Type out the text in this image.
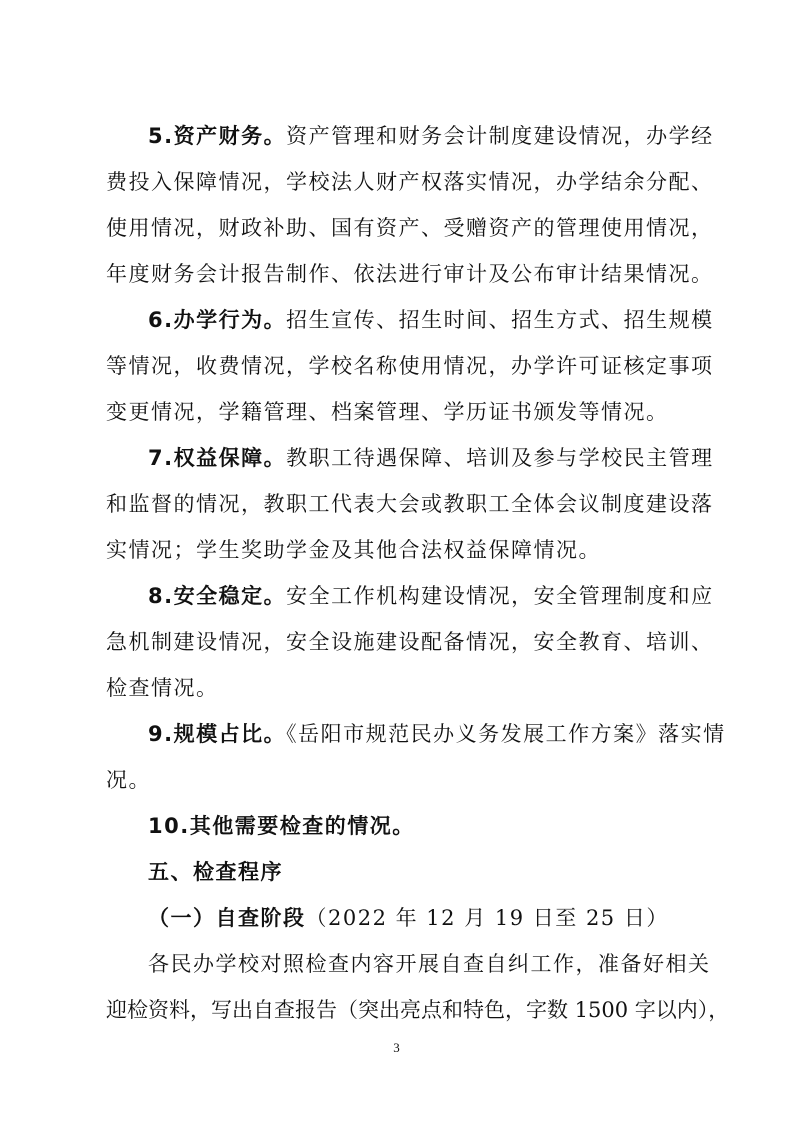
5.资产财务。资产管理和财务会计制度建设情况，办学经
费投入保障情况，学校法人财产权落实情况，办学结余分配、
使用情况，财政补助、国有资产、受赠资产的管理使用情况，
年度财务会计报告制作、依法进行审计及公布审计结果情况。
6.办学行为。招生宣传、招生时间、招生方式、招生规模
等情况，收费情况，学校名称使用情况，办学许可证核定事项
变更情况，学籍管理、档案管理、学历证书颁发等情况。
7.权益保障。教职工待遇保障、培训及参与学校民主管理
和监督的情况，教职工代表大会或教职工全体会议制度建设落
实情况；学生奖助学金及其他合法权益保障情况。
8.安全稳定。安全工作机构建设情况，安全管理制度和应
急机制建设情况，安全设施建设配备情况，安全教育、培训、
检查情况。
9.规模占比。《岳阳市规范民办义务发展工作方案》落实情
况。
10.其他需要检查的情况。
五、检查程序
（一）自查阶段（2022 年 12 月 19 日至 25 日）
各民办学校对照检查内容开展自查自纠工作，准备好相关
迎检资料，写出自查报告（突出亮点和特色，字数 1500 字以内），
3
